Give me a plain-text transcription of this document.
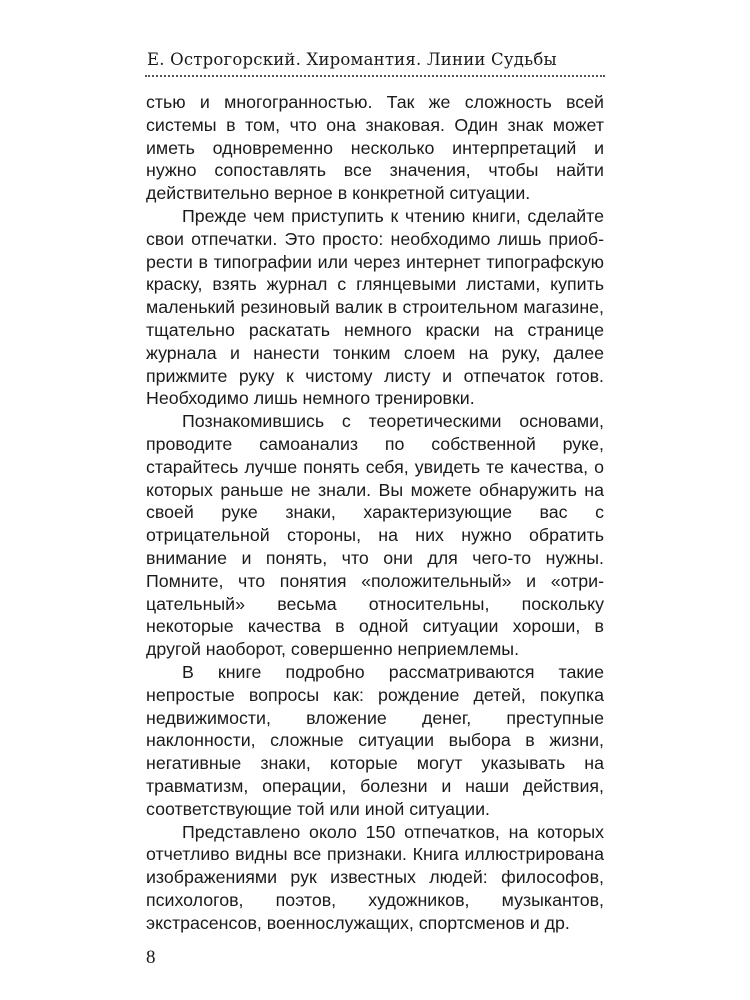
Е. Острогорский. Хиромантия. Линии Судьбы

стью и многогранностью. Так же сложность всей системы в том, что она знаковая. Один знак может иметь одновременно несколько интерпретаций и нужно сопоставлять все значения, чтобы найти действительно верное в конкретной ситуации.

Прежде чем приступить к чтению книги, сделайте свои отпечатки. Это просто: необходимо лишь приобрести в типографии или через интернет типографскую краску, взять журнал с глянцевыми листами, купить маленький резиновый валик в строительном магазине, тщательно раскатать немного краски на странице журнала и нанести тонким слоем на руку, далее прижмите руку к чистому листу и отпечаток готов. Необходимо лишь немного тренировки.

Познакомившись с теоретическими основами, проводите самоанализ по собственной руке, старайтесь лучше понять себя, увидеть те качества, о которых раньше не знали. Вы можете обнаружить на своей руке знаки, характеризующие вас с отрицательной стороны, на них нужно обратить внимание и понять, что они для чего-то нужны. Помните, что понятия «положительный» и «отрицательный» весьма относительны, поскольку некоторые качества в одной ситуации хороши, в другой наоборот, совершенно неприемлемы.

В книге подробно рассматриваются такие непростые вопросы как: рождение детей, покупка недвижимости, вложение денег, преступные наклонности, сложные ситуации выбора в жизни, негативные знаки, которые могут указывать на травматизм, операции, болезни и наши действия, соответствующие той или иной ситуации.

Представлено около 150 отпечатков, на которых отчетливо видны все признаки. Книга иллюстрирована изображениями рук известных людей: философов, психологов, поэтов, художников, музыкантов, экстрасенсов, военнослужащих, спортсменов и др.

8
